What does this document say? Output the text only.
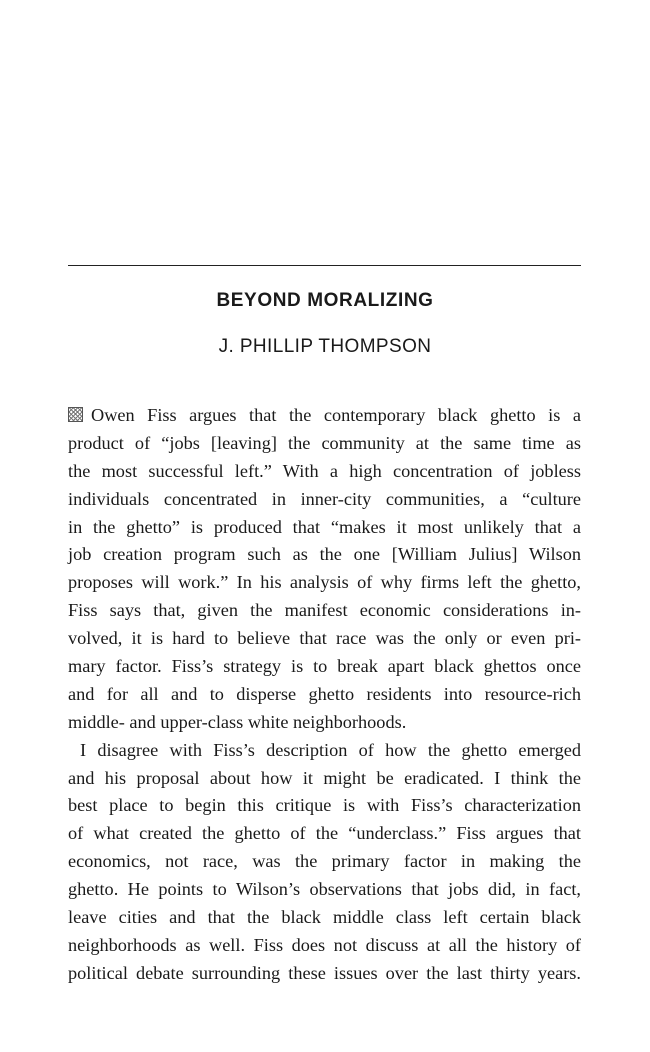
BEYOND MORALIZING
J. PHILLIP THOMPSON
Owen Fiss argues that the contemporary black ghetto is a
product of “jobs [leaving] the community at the same time as
the most successful left.” With a high concentration of jobless
individuals concentrated in inner-city communities, a “culture
in the ghetto” is produced that “makes it most unlikely that a
job creation program such as the one [William Julius] Wilson
proposes will work.” In his analysis of why firms left the ghetto,
Fiss says that, given the manifest economic considerations in-
volved, it is hard to believe that race was the only or even pri-
mary factor. Fiss’s strategy is to break apart black ghettos once
and for all and to disperse ghetto residents into resource-rich
middle- and upper-class white neighborhoods.
I disagree with Fiss’s description of how the ghetto emerged
and his proposal about how it might be eradicated. I think the
best place to begin this critique is with Fiss’s characterization
of what created the ghetto of the “underclass.” Fiss argues that
economics, not race, was the primary factor in making the
ghetto. He points to Wilson’s observations that jobs did, in fact,
leave cities and that the black middle class left certain black
neighborhoods as well. Fiss does not discuss at all the history of
political debate surrounding these issues over the last thirty years.
